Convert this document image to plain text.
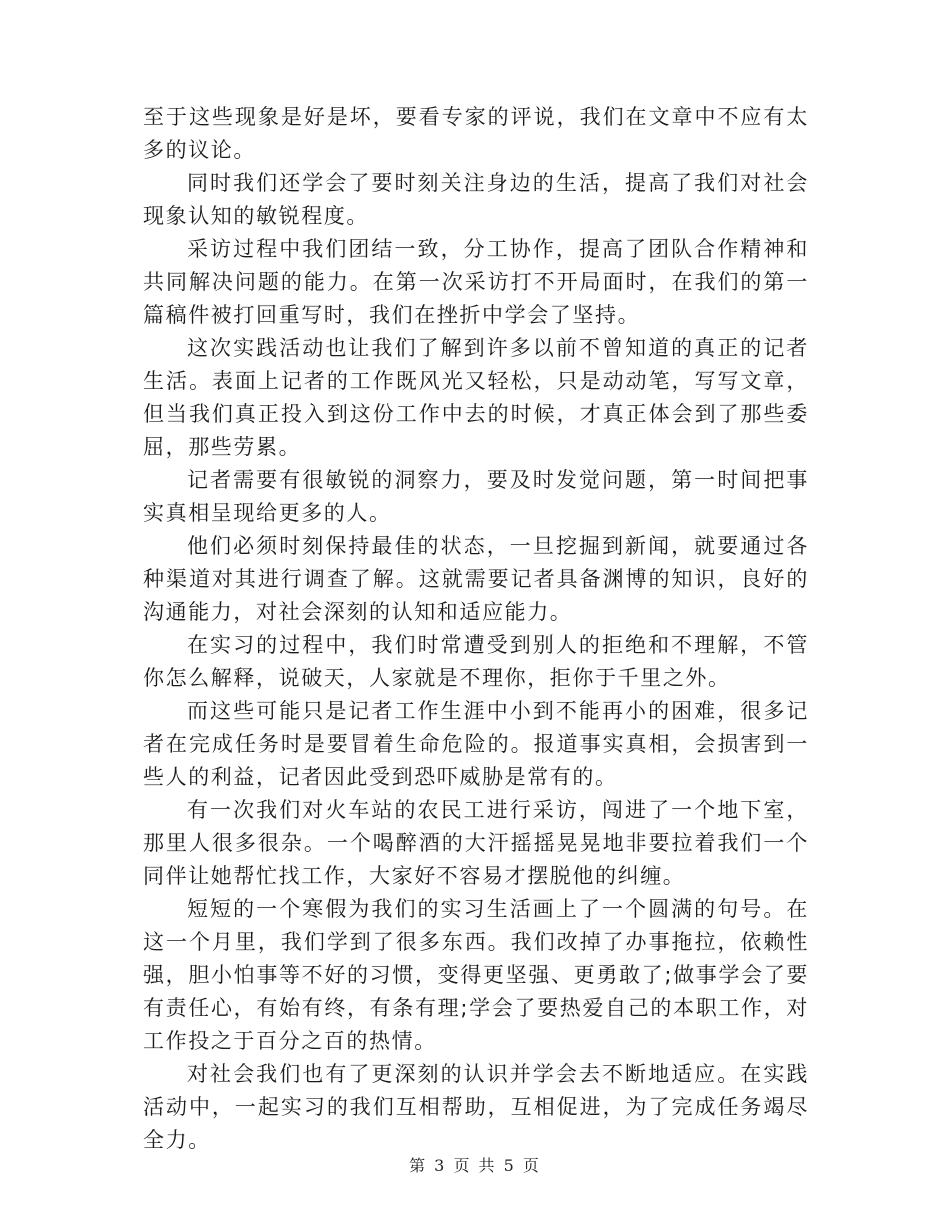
至于这些现象是好是坏，要看专家的评说，我们在文章中不应有太多的议论。

同时我们还学会了要时刻关注身边的生活，提高了我们对社会现象认知的敏锐程度。

采访过程中我们团结一致，分工协作，提高了团队合作精神和共同解决问题的能力。在第一次采访打不开局面时，在我们的第一篇稿件被打回重写时，我们在挫折中学会了坚持。

这次实践活动也让我们了解到许多以前不曾知道的真正的记者生活。表面上记者的工作既风光又轻松，只是动动笔，写写文章，但当我们真正投入到这份工作中去的时候，才真正体会到了那些委屈，那些劳累。

记者需要有很敏锐的洞察力，要及时发觉问题，第一时间把事实真相呈现给更多的人。

他们必须时刻保持最佳的状态，一旦挖掘到新闻，就要通过各种渠道对其进行调查了解。这就需要记者具备渊博的知识，良好的沟通能力，对社会深刻的认知和适应能力。

在实习的过程中，我们时常遭受到别人的拒绝和不理解，不管你怎么解释，说破天，人家就是不理你，拒你于千里之外。

而这些可能只是记者工作生涯中小到不能再小的困难，很多记者在完成任务时是要冒着生命危险的。报道事实真相，会损害到一些人的利益，记者因此受到恐吓威胁是常有的。

有一次我们对火车站的农民工进行采访，闯进了一个地下室，那里人很多很杂。一个喝醉酒的大汗摇摇晃晃地非要拉着我们一个同伴让她帮忙找工作，大家好不容易才摆脱他的纠缠。

短短的一个寒假为我们的实习生活画上了一个圆满的句号。在这一个月里，我们学到了很多东西。我们改掉了办事拖拉，依赖性强，胆小怕事等不好的习惯，变得更坚强、更勇敢了;做事学会了要有责任心，有始有终，有条有理;学会了要热爱自己的本职工作，对工作投之于百分之百的热情。

对社会我们也有了更深刻的认识并学会去不断地适应。在实践活动中，一起实习的我们互相帮助，互相促进，为了完成任务竭尽全力。

第 3 页 共 5 页
